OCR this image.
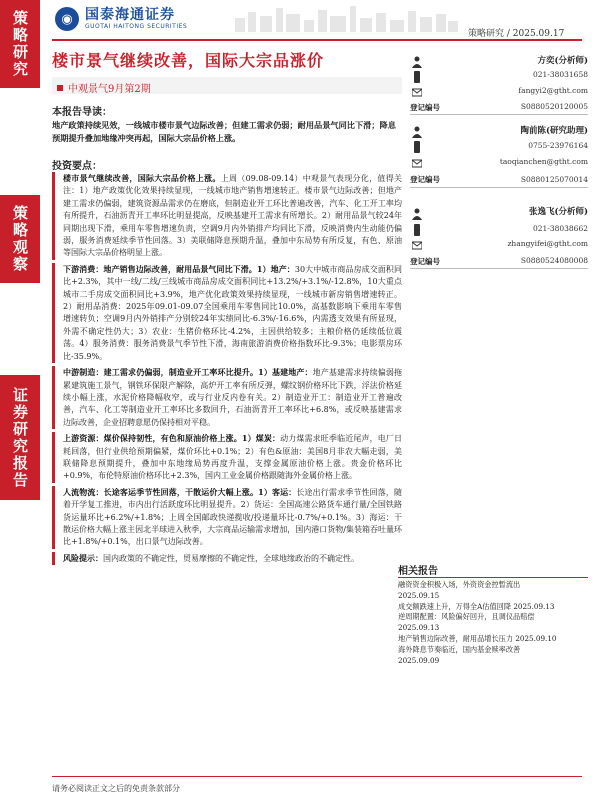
策略研究
策略观察
证券研究报告
◉ 国泰海通证券
GUOTAI HAITONG SECURITIES
策略研究 / 2025.09.17
楼市景气继续改善，国际大宗品涨价
中观景气9月第2期
本报告导读：
地产政策持续见效，一线城市楼市景气边际改善；但建工需求仍弱；耐用品景气同比下滑；降息预期提升叠加地缘冲突再起，国际大宗品价格上涨。
投资要点：
楼市景气继续改善，国际大宗品价格上涨。上周（09.08-09.14）中观景气表现分化，值得关注：1）地产政策优化效果持续显现，一线城市地产销售增速转正。楼市景气边际改善；但地产建工需求仍偏弱，建筑资源品需求仍在磨底，但制造业开工环比普遍改善，汽车、化工开工率均有所提升，石油沥青开工率环比明显提高，反映基建开工需求有所增长。2）耐用品景气较24年同期出现下滑，乘用车零售增速负责，空调9月内外销排产均同比下滑，反映消费内生动能仍偏弱，服务消费延续季节性回落。3）美联储降息预期升温，叠加中东局势有所反复，有色、原油等国际大宗品价格明显上涨。
下游消费：地产销售边际改善，耐用品景气同比下滑。1）地产：30大中城市商品房成交面积同比+2.3%，其中一线/二线/三线城市商品房成交面积同比+13.2%/+3.1%/-12.8%，10大重点城市二手房成交面积同比+3.9%，地产优化政策效果持续显现，一线城市新房销售增速转正。2）耐用品消费：2025年09.01-09.07全国乘用车零售同比10.0%，高基数影响下乘用车零售增速转负；空调9月内外销排产分别较24年实绩同比-6.3%/-16.6%，内需透支效果有所显现，外需不确定性仍大；3）农业：生猪价格环比-4.2%，主因供给较多；主粮价格仍延续低位震荡。4）服务消费：服务消费景气季节性下滑，海南旅游消费价格指数环比-9.3%；电影票房环比-35.9%。
中游制造：建工需求仍偏弱，制造业开工率环比提升。1）基建地产：地产基建需求持续偏弱拖累建筑施工景气，钢铁环保限产解除，高炉开工率有所反弹，螺纹钢价格环比下跌，浮法价格延续小幅上涨，水泥价格降幅收窄，或与行业反内卷有关。2）制造业开工：制造业开工普遍改善，汽车、化工等制造业开工率环比多数回升，石油沥青开工率环比+6.8%，或反映基建需求边际改善，企业招聘意愿仍保持相对平稳。
上游资源：煤价保持韧性，有色和原油价格上涨。1）煤炭：动力煤需求旺季临近尾声，电厂日耗回落，但行业供给预期偏紧，煤价环比+0.1%；2）有色&原油：美国8月非农大幅走弱，美联储降息预期提升，叠加中东地缘局势再度升温，支撑金属原油价格上涨。贵金价格环比+0.9%，布伦特原油价格环比+2.3%，国内工业金属价格跟随海外金属价格上涨。
人流物流：长途客运季节性回落，干散运价大幅上涨。1）客运：长途出行需求季节性回落，随着开学复工推进，市内出行活跃度环比明显提升。2）货运：全国高速公路货车通行量/全国铁路货运量环比+6.2%/+1.8%；上周全国邮政快递揽收/投递量环比-0.7%/+0.1%。3）海运：干散运价格大幅上涨主因北半球进入秋季，大宗商品运输需求增加，国内港口货物/集装箱吞吐量环比+1.8%/+0.1%，出口景气边际改善。
风险提示：国内政策的不确定性，贸易摩擦的不确定性，全球地缘政治的不确定性。
方奕(分析师)
021-38031658
fangyi2@gtht.com
登记编号	S0880520120005
陶前陈(研究助理)
0755-23976164
taoqianchen@gtht.com
登记编号	S0880125070014
张逸飞(分析师)
021-38038662
zhangyifei@gtht.com
登记编号	S0880524080008
相关报告
融资资金积极入场，外资资金控暂流出
2025.09.15
成交额跌速上升，万得全A估值回降 2025.09.13
逆周期配置：风险偏好回升，且调仪品赔偿
2025.09.13
地产销售边际改善，耐用品增长压力 2025.09.10
海外降息节奏临近，国内基金赎率改善
2025.09.09
请务必阅读正文之后的免责条款部分
